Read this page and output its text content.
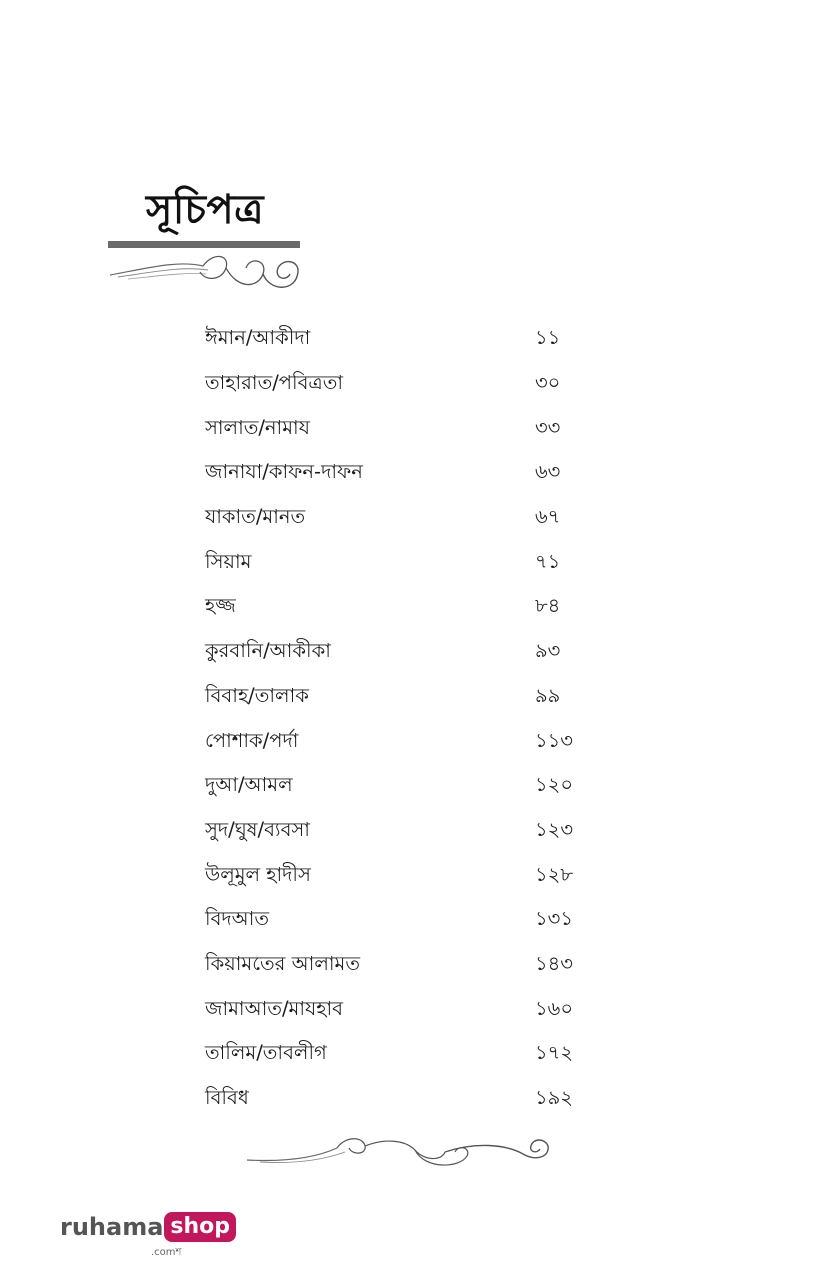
সূচিপত্র
ঈমান/আকীদা	১১
তাহারাত/পবিত্রতা	৩০
সালাত/নামায	৩৩
জানাযা/কাফন-দাফন	৬৩
যাকাত/মানত	৬৭
সিয়াম	৭১
হজ্জ	৮৪
কুরবানি/আকীকা	৯৩
বিবাহ/তালাক	৯৯
পোশাক/পর্দা	১১৩
দুআ/আমল	১২০
সুদ/ঘুষ/ব্যবসা	১২৩
উলূমুল হাদীস	১২৮
বিদআত	১৩১
কিয়ামতের আলামত	১৪৩
জামাআত/মাযহাব	১৬০
তালিম/তাবলীগ	১৭২
বিবিধ	১৯২
ruhama shop
.comশ
